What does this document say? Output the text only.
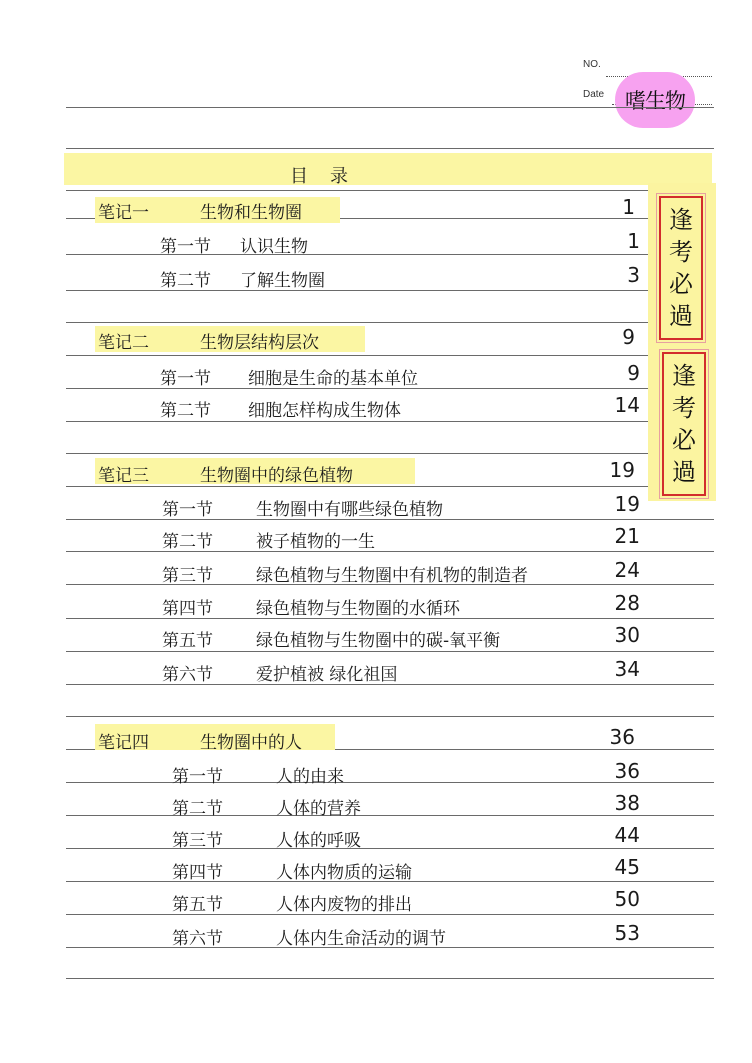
NO.
Date 嗜生物
逢
考
必
過
逢
考
必
過
目录
笔记一	生物和生物圈	1
第一节 认识生物	1
第二节 了解生物圈	3
笔记二	生物层结构层次	9
第一节 细胞是生命的基本单位	9
第二节 细胞怎样构成生物体	14
笔记三	生物圈中的绿色植物	19
第一节	生物圈中有哪些绿色植物	19
第二节	被子植物的一生	21
第三节	绿色植物与生物圈中有机物的制造者	24
第四节	绿色植物与生物圈的水循环	28
第五节	绿色植物与生物圈中的碳-氧平衡	30
第六节	爱护植被 绿化祖国	34
笔记四	生物圈中的人	36
第一节	人的由来	36
第二节	人体的营养	38
第三节	人体的呼吸	44
第四节	人体内物质的运输	45
第五节	人体内废物的排出	50
第六节	人体内生命活动的调节	53
